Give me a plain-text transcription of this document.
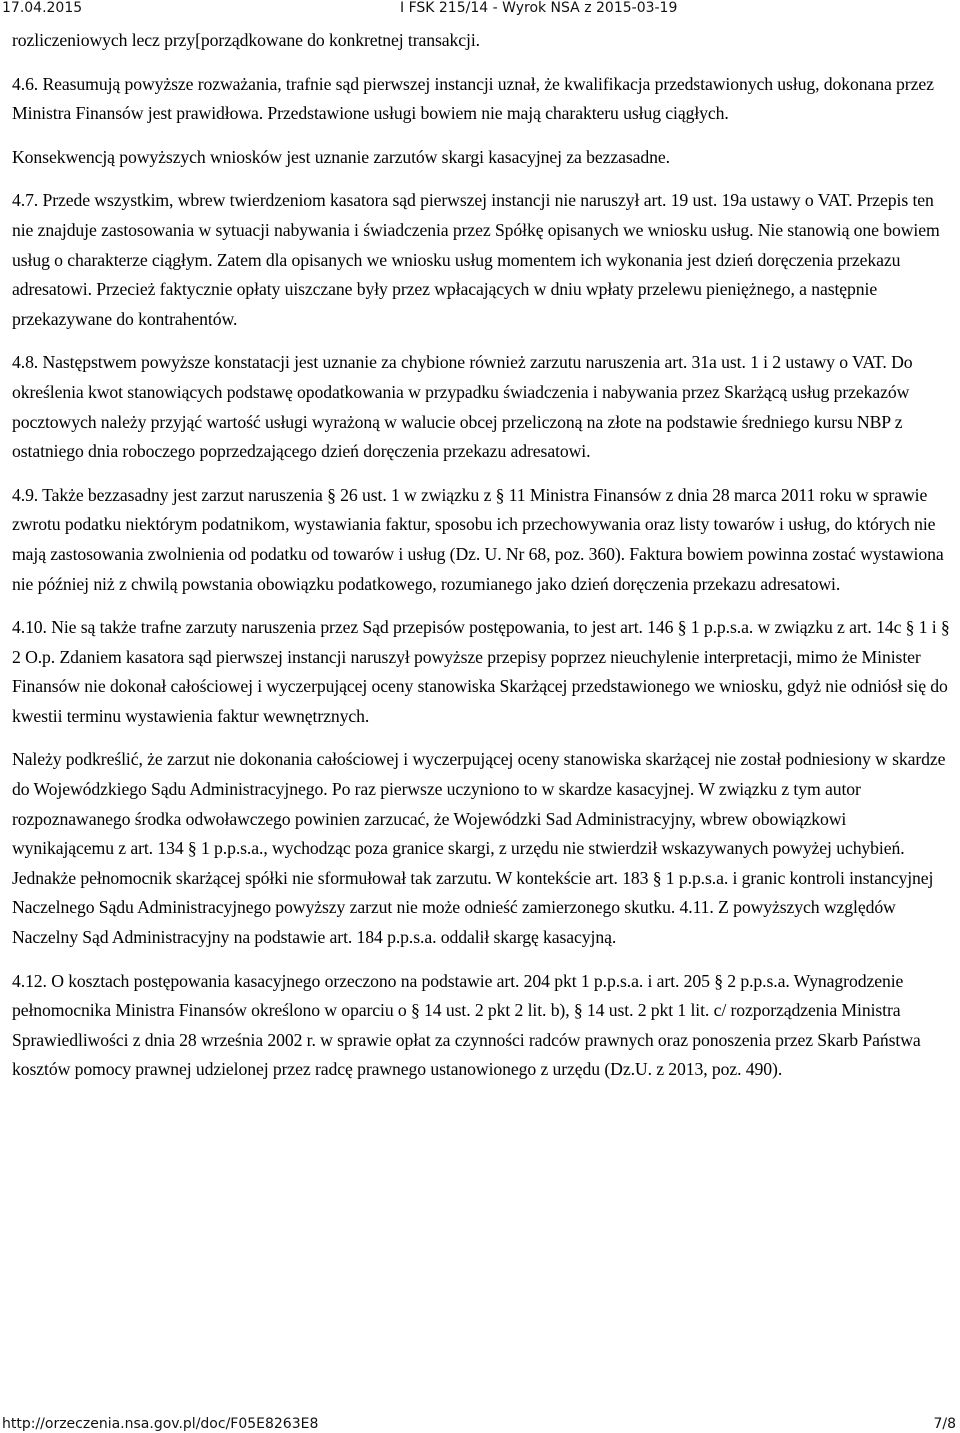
17.04.2015	I FSK 215/14 - Wyrok NSA z 2015-03-19

rozliczeniowych lecz przy[porządkowane do konkretnej transakcji.

4.6. Reasumują powyższe rozważania, trafnie sąd pierwszej instancji uznał, że kwalifikacja przedstawionych usług, dokonana przez Ministra Finansów jest prawidłowa. Przedstawione usługi bowiem nie mają charakteru usług ciągłych.

Konsekwencją powyższych wniosków jest uznanie zarzutów skargi kasacyjnej za bezzasadne.

4.7. Przede wszystkim, wbrew twierdzeniom kasatora sąd pierwszej instancji nie naruszył art. 19 ust. 19a ustawy o VAT. Przepis ten nie znajduje zastosowania w sytuacji nabywania i świadczenia przez Spółkę opisanych we wniosku usług. Nie stanowią one bowiem usług o charakterze ciągłym. Zatem dla opisanych we wniosku usług momentem ich wykonania jest dzień doręczenia przekazu adresatowi. Przecież faktycznie opłaty uiszczane były przez wpłacających w dniu wpłaty przelewu pieniężnego, a następnie przekazywane do kontrahentów.

4.8. Następstwem powyższe konstatacji jest uznanie za chybione również zarzutu naruszenia art. 31a ust. 1 i 2 ustawy o VAT. Do określenia kwot stanowiących podstawę opodatkowania w przypadku świadczenia i nabywania przez Skarżącą usług przekazów pocztowych należy przyjąć wartość usługi wyrażoną w walucie obcej przeliczoną na złote na podstawie średniego kursu NBP z ostatniego dnia roboczego poprzedzającego dzień doręczenia przekazu adresatowi.

4.9. Także bezzasadny jest zarzut naruszenia § 26 ust. 1 w związku z § 11 Ministra Finansów z dnia 28 marca 2011 roku w sprawie zwrotu podatku niektórym podatnikom, wystawiania faktur, sposobu ich przechowywania oraz listy towarów i usług, do których nie mają zastosowania zwolnienia od podatku od towarów i usług (Dz. U. Nr 68, poz. 360). Faktura bowiem powinna zostać wystawiona nie później niż z chwilą powstania obowiązku podatkowego, rozumianego jako dzień doręczenia przekazu adresatowi.

4.10. Nie są także trafne zarzuty naruszenia przez Sąd przepisów postępowania, to jest art. 146 § 1 p.p.s.a. w związku z art. 14c § 1 i § 2 O.p. Zdaniem kasatora sąd pierwszej instancji naruszył powyższe przepisy poprzez nieuchylenie interpretacji, mimo że Minister Finansów nie dokonał całościowej i wyczerpującej oceny stanowiska Skarżącej przedstawionego we wniosku, gdyż nie odniósł się do kwestii terminu wystawienia faktur wewnętrznych.

Należy podkreślić, że zarzut nie dokonania całościowej i wyczerpującej oceny stanowiska skarżącej nie został podniesiony w skardze do Wojewódzkiego Sądu Administracyjnego. Po raz pierwsze uczyniono to w skardze kasacyjnej. W związku z tym autor rozpoznawanego środka odwoławczego powinien zarzucać, że Wojewódzki Sad Administracyjny, wbrew obowiązkowi wynikającemu z art. 134 § 1 p.p.s.a., wychodząc poza granice skargi, z urzędu nie stwierdził wskazywanych powyżej uchybień. Jednakże pełnomocnik skarżącej spółki nie sformułował tak zarzutu. W kontekście art. 183 § 1 p.p.s.a. i granic kontroli instancyjnej Naczelnego Sądu Administracyjnego powyższy zarzut nie może odnieść zamierzonego skutku. 4.11. Z powyższych względów Naczelny Sąd Administracyjny na podstawie art. 184 p.p.s.a. oddalił skargę kasacyjną.

4.12. O kosztach postępowania kasacyjnego orzeczono na podstawie art. 204 pkt 1 p.p.s.a. i art. 205 § 2 p.p.s.a. Wynagrodzenie pełnomocnika Ministra Finansów określono w oparciu o § 14 ust. 2 pkt 2 lit. b), § 14 ust. 2 pkt 1 lit. c/ rozporządzenia Ministra Sprawiedliwości z dnia 28 września 2002 r. w sprawie opłat za czynności radców prawnych oraz ponoszenia przez Skarb Państwa kosztów pomocy prawnej udzielonej przez radcę prawnego ustanowionego z urzędu (Dz.U. z 2013, poz. 490).

http://orzeczenia.nsa.gov.pl/doc/F05E8263E8	7/8
